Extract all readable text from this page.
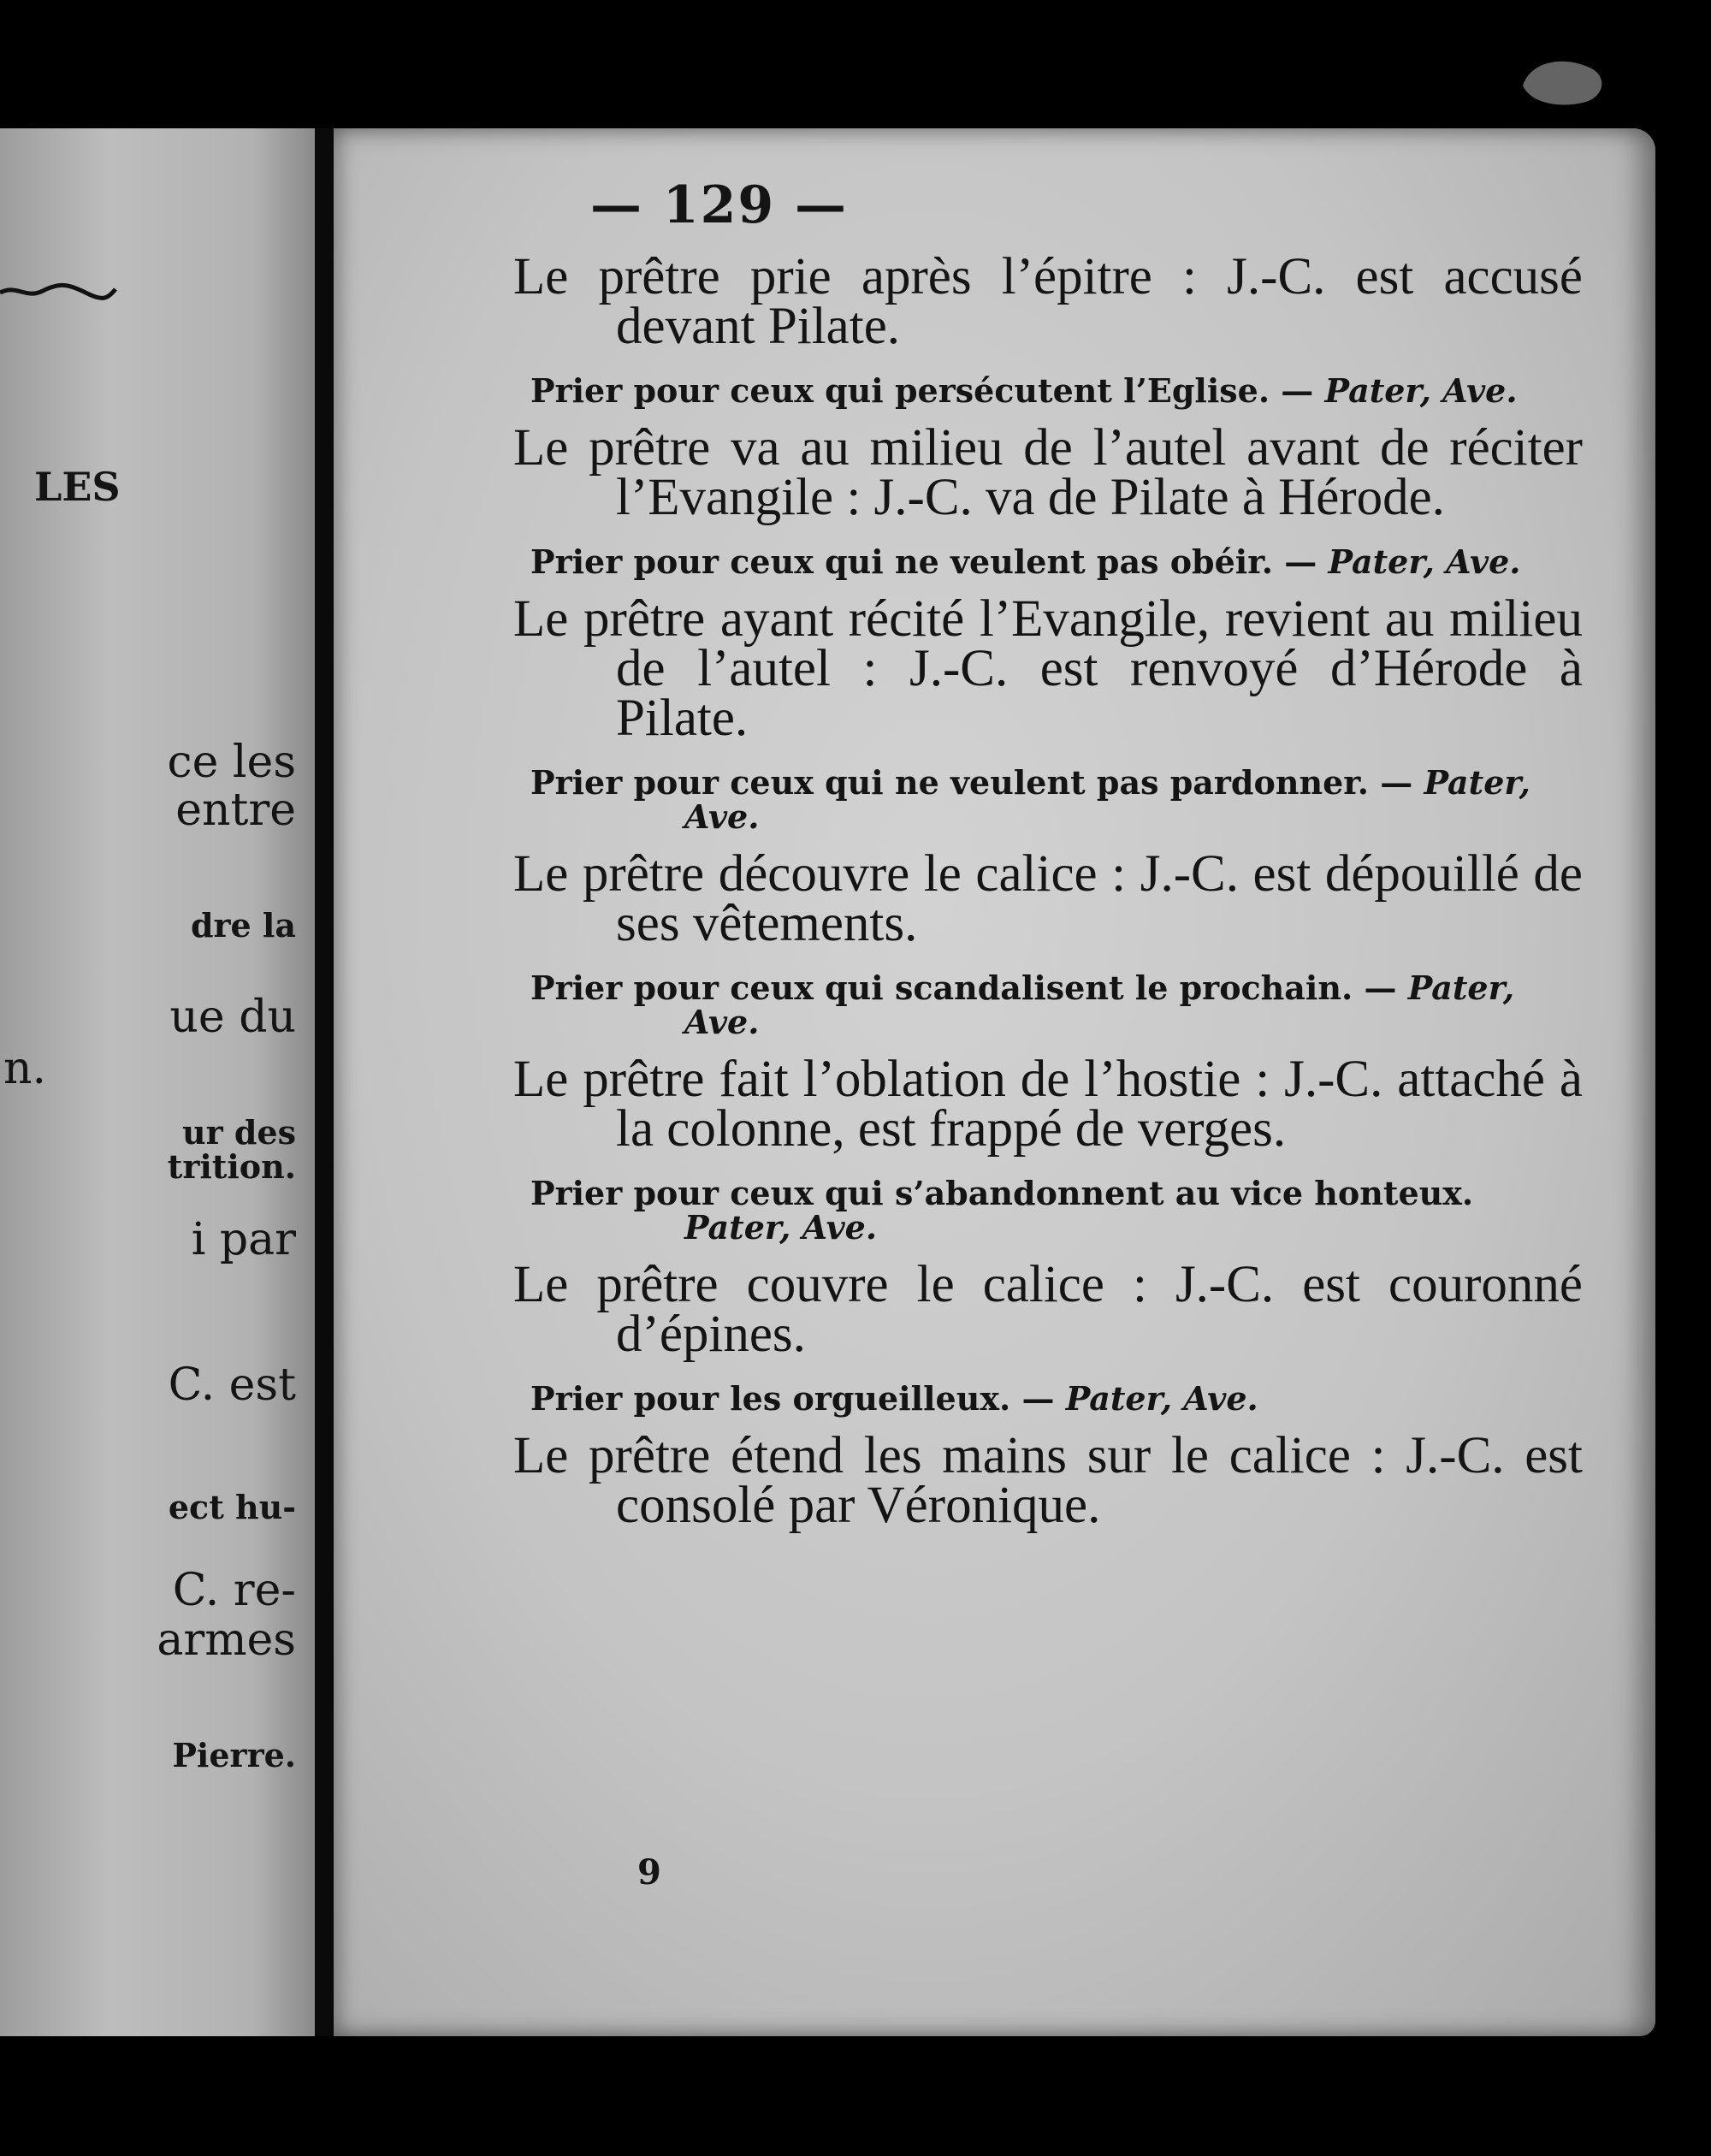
LES
ce les
entre
dre la
ue du
n.
ur des
trition.
i par
C. est
ect hu-
C. re-
armes
Pierre.
— 129 —

Le prêtre prie après l’épitre : J.-C. est accusé devant Pilate.

Prier pour ceux qui persécutent l’Eglise. — Pater, Ave.

Le prêtre va au milieu de l’autel avant de réciter l’Evangile : J.-C. va de Pilate à Hérode.

Prier pour ceux qui ne veulent pas obéir. — Pater, Ave.

Le prêtre ayant récité l’Evangile, revient au milieu de l’autel : J.-C. est renvoyé d’Hérode à Pilate.

Prier pour ceux qui ne veulent pas pardonner. — Pater, Ave.

Le prêtre découvre le calice : J.-C. est dépouillé de ses vêtements.

Prier pour ceux qui scandalisent le prochain. — Pater, Ave.

Le prêtre fait l’oblation de l’hostie : J.-C. attaché à la colonne, est frappé de verges.

Prier pour ceux qui s’abandonnent au vice honteux. Pater, Ave.

Le prêtre couvre le calice : J.-C. est couronné d’épines.

Prier pour les orgueilleux. — Pater, Ave.

Le prêtre étend les mains sur le calice : J.-C. est consolé par Véronique.

9
